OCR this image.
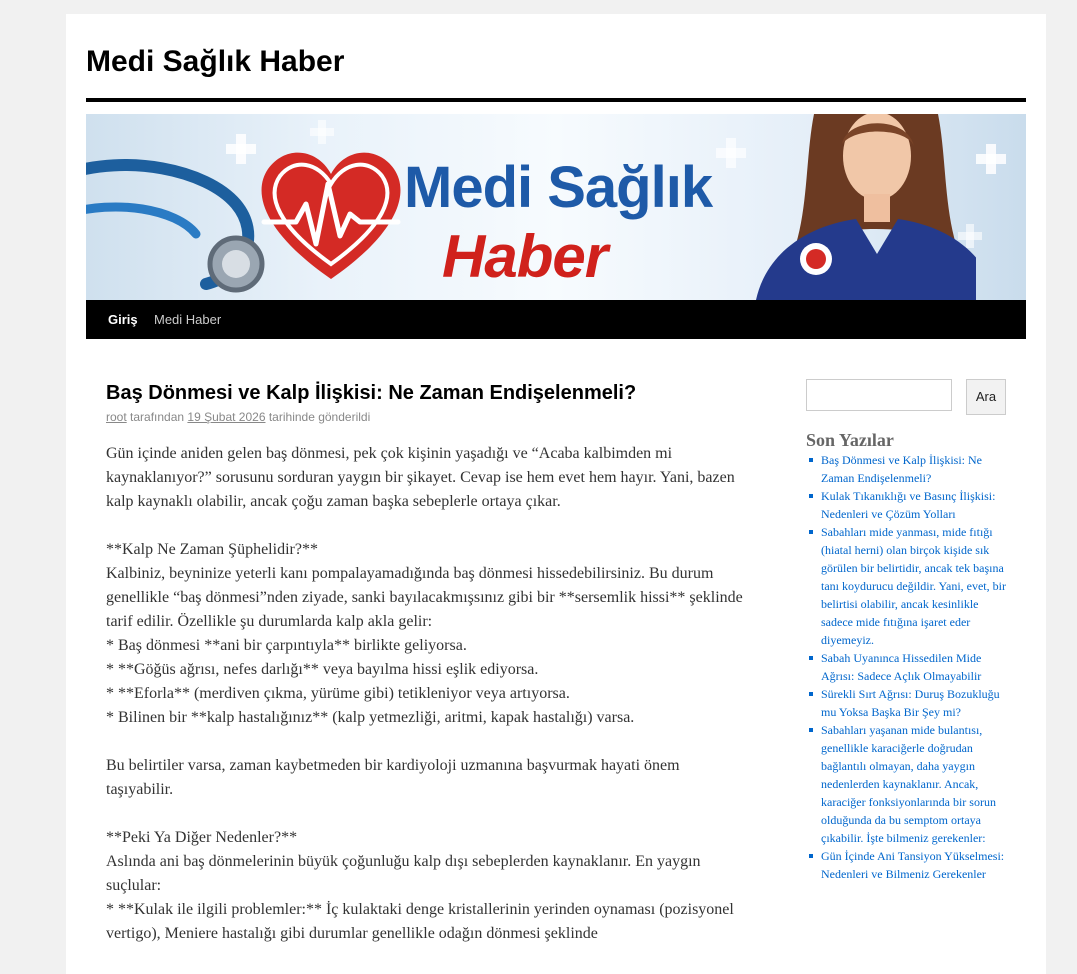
Medi Sağlık Haber
Medi Sağlık
Haber
Giriş Medi Haber
Baş Dönmesi ve Kalp İlişkisi: Ne Zaman Endişelenmeli?
root tarafından 19 Şubat 2026 tarihinde gönderildi

Gün içinde aniden gelen baş dönmesi, pek çok kişinin yaşadığı ve “Acaba kalbimden mi kaynaklanıyor?” sorusunu sorduran yaygın bir şikayet. Cevap ise hem evet hem hayır. Yani, bazen kalp kaynaklı olabilir, ancak çoğu zaman başka sebeplerle ortaya çıkar.

**Kalp Ne Zaman Şüphelidir?**

Kalbiniz, beyninize yeterli kanı pompalayamadığında baş dönmesi hissedebilirsiniz. Bu durum genellikle “baş dönmesi”nden ziyade, sanki bayılacakmışsınız gibi bir **sersemlik hissi** şeklinde tarif edilir. Özellikle şu durumlarda kalp akla gelir:

* Baş dönmesi **ani bir çarpıntıyla** birlikte geliyorsa.

* **Göğüs ağrısı, nefes darlığı** veya bayılma hissi eşlik ediyorsa.

* **Eforla** (merdiven çıkma, yürüme gibi) tetikleniyor veya artıyorsa.

* Bilinen bir **kalp hastalığınız** (kalp yetmezliği, aritmi, kapak hastalığı) varsa.

Bu belirtiler varsa, zaman kaybetmeden bir kardiyoloji uzmanına başvurmak hayati önem taşıyabilir.

**Peki Ya Diğer Nedenler?**

Aslında ani baş dönmelerinin büyük çoğunluğu kalp dışı sebeplerden kaynaklanır. En yaygın suçlular:

* **Kulak ile ilgili problemler:** İç kulaktaki denge kristallerinin yerinden oynaması (pozisyonel vertigo), Meniere hastalığı gibi durumlar genellikle odağın dönmesi şeklinde

Ara
Son Yazılar
Baş Dönmesi ve Kalp İlişkisi: Ne Zaman Endişelenmeli?
Kulak Tıkanıklığı ve Basınç İlişkisi: Nedenleri ve Çözüm Yolları
Sabahları mide yanması, mide fıtığı (hiatal herni) olan birçok kişide sık görülen bir belirtidir, ancak tek başına tanı koydurucu değildir. Yani, evet, bir belirtisi olabilir, ancak kesinlikle sadece mide fıtığına işaret eder diyemeyiz.
Sabah Uyanınca Hissedilen Mide Ağrısı: Sadece Açlık Olmayabilir
Sürekli Sırt Ağrısı: Duruş Bozukluğu mu Yoksa Başka Bir Şey mi?
Sabahları yaşanan mide bulantısı, genellikle karaciğerle doğrudan bağlantılı olmayan, daha yaygın nedenlerden kaynaklanır. Ancak, karaciğer fonksiyonlarında bir sorun olduğunda da bu semptom ortaya çıkabilir. İşte bilmeniz gerekenler:
Gün İçinde Ani Tansiyon Yükselmesi: Nedenleri ve Bilmeniz Gerekenler
